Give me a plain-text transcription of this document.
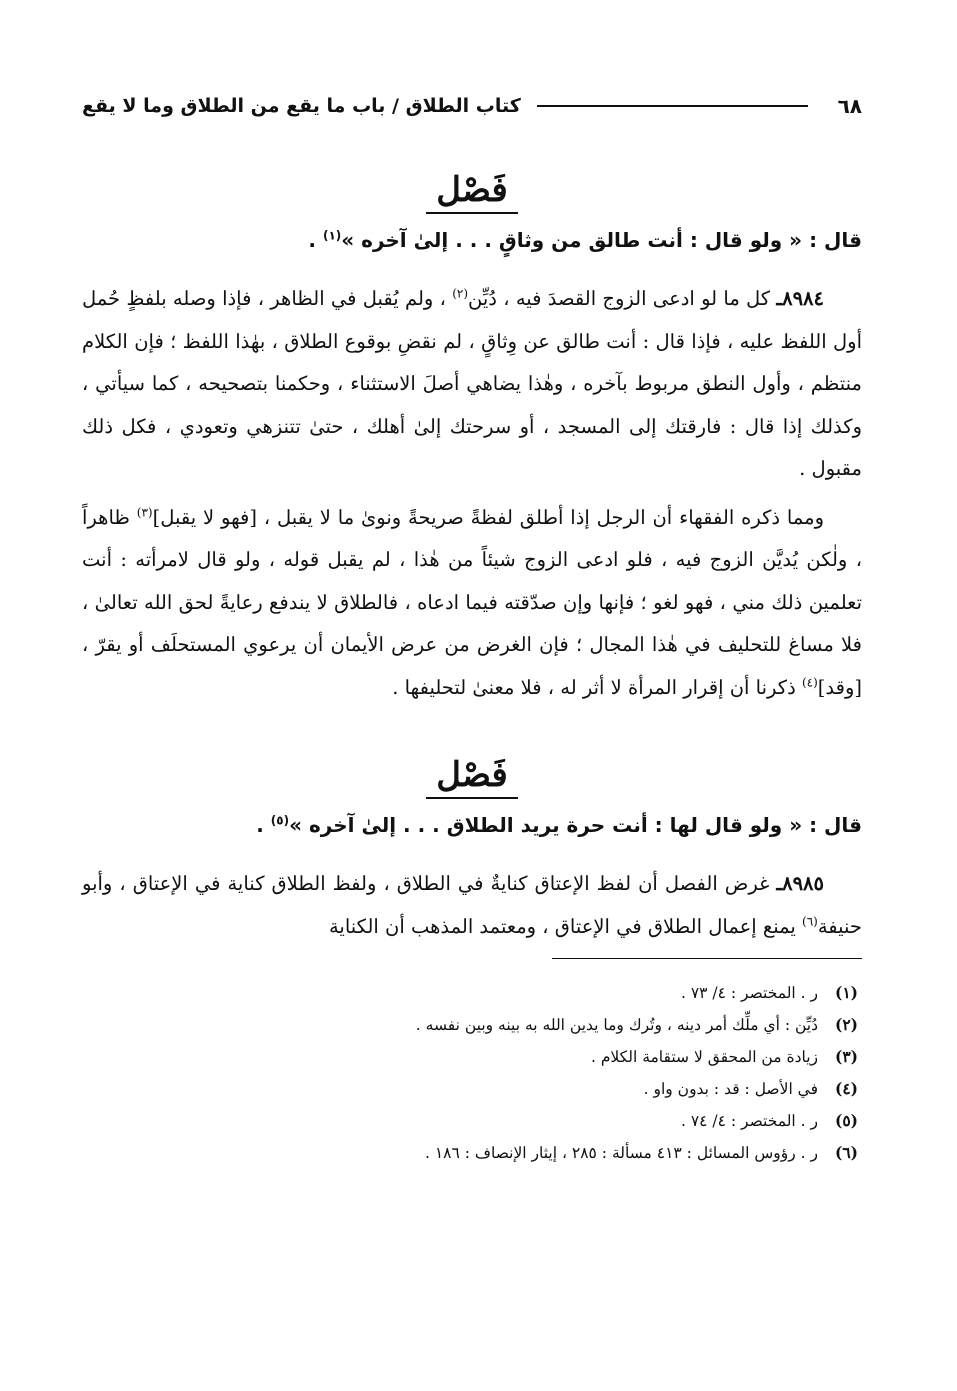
٦٨
كتاب الطلاق / باب ما يقع من الطلاق وما لا يقع
فَصْل
قال : « ولو قال : أنت طالق من وثاقٍ . . . إلىٰ آخره »$^{(١)}$ .

٨٩٨٤ـ كل ما لو ادعى الزوج القصدَ فيه ، دُيِّن$^{(٢)}$ ، ولم يُقبل في الظاهر ، فإذا وصله بلفظٍ حُمل أول اللفظ عليه ، فإذا قال : أنت طالق عن وِثاقٍ ، لم نقضِ بوقوع الطلاق ، بهٰذا اللفظ ؛ فإن الكلام منتظم ، وأول النطق مربوط بآخره ، وهٰذا يضاهي أصلَ الاستثناء ، وحكمنا بتصحيحه ، كما سيأتي ، وكذلك إذا قال : فارقتك إلى المسجد ، أو سرحتك إلىٰ أهلك ، حتىٰ تتنزهي وتعودي ، فكل ذلك مقبول .

ومما ذكره الفقهاء أن الرجل إذا أطلق لفظةً صريحةً ونوىٰ ما لا يقبل ، [فهو لا يقبل]$^{(٣)}$ ظاهراً ، ولٰكن يُديَّن الزوج فيه ، فلو ادعى الزوج شيئاً من هٰذا ، لم يقبل قوله ، ولو قال لامرأته : أنت تعلمين ذلك مني ، فهو لغو ؛ فإنها وإن صدّقته فيما ادعاه ، فالطلاق لا يندفع رعايةً لحق الله تعالىٰ ، فلا مساغ للتحليف في هٰذا المجال ؛ فإن الغرض من عرض الأيمان أن يرعوي المستحلَف أو يقرّ ، [وقد]$^{(٤)}$ ذكرنا أن إقرار المرأة لا أثر له ، فلا معنىٰ لتحليفها .

فَصْل
قال : « ولو قال لها : أنت حرة يريد الطلاق . . . إلىٰ آخره »$^{(٥)}$ .

٨٩٨٥ـ غرض الفصل أن لفظ الإعتاق كنايةٌ في الطلاق ، ولفظ الطلاق كناية في الإعتاق ، وأبو حنيفة$^{(٦)}$ يمنع إعمال الطلاق في الإعتاق ، ومعتمد المذهب أن الكناية

(١)
ر . المختصر : ٤/ ٧٣ .
(٢)
دُيِّن : أي ملِّك أمر دينه ، وتُرك وما يدين الله به بينه وبين نفسه .
(٣)
زيادة من المحقق لا ستقامة الكلام .
(٤)
في الأصل : قد : بدون واو .
(٥)
ر . المختصر : ٤/ ٧٤ .
(٦)
ر . رؤوس المسائل : ٤١٣ مسألة : ٢٨٥ ، إيثار الإنصاف : ١٨٦ .
